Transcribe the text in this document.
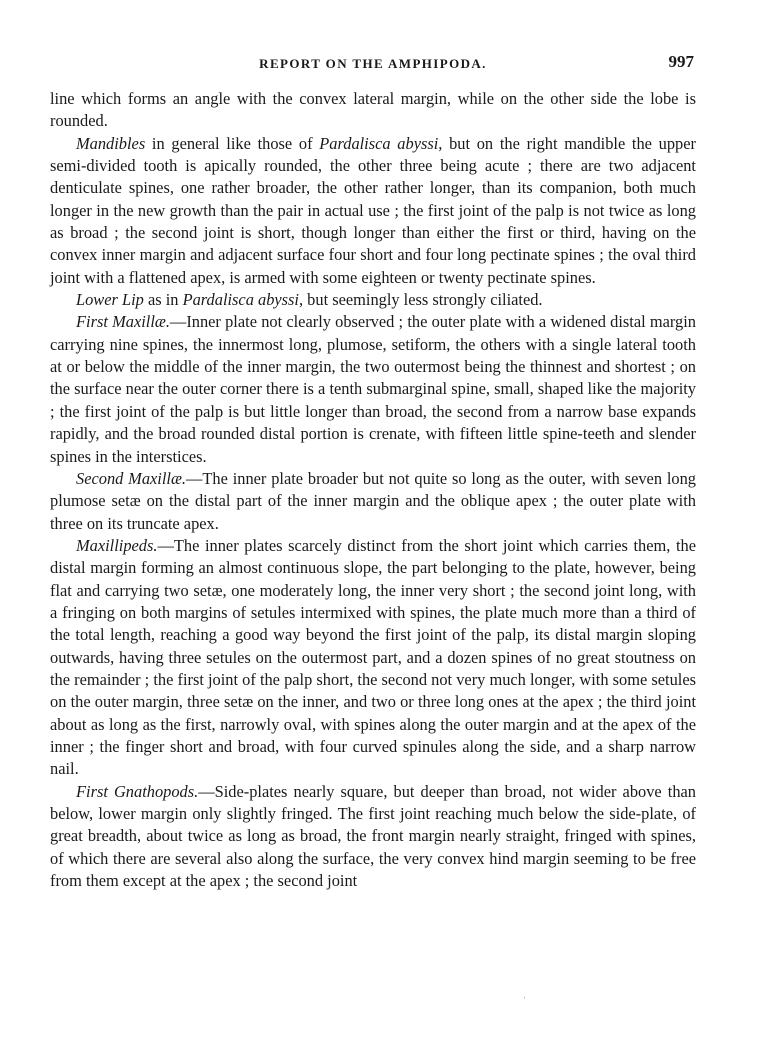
REPORT ON THE AMPHIPODA.	997

line which forms an angle with the convex lateral margin, while on the other side the lobe is rounded.

Mandibles in general like those of Pardalisca abyssi, but on the right mandible the upper semi-divided tooth is apically rounded, the other three being acute ; there are two adjacent denticulate spines, one rather broader, the other rather longer, than its companion, both much longer in the new growth than the pair in actual use ; the first joint of the palp is not twice as long as broad ; the second joint is short, though longer than either the first or third, having on the convex inner margin and adjacent surface four short and four long pectinate spines ; the oval third joint with a flattened apex, is armed with some eighteen or twenty pectinate spines.

Lower Lip as in Pardalisca abyssi, but seemingly less strongly ciliated.

First Maxillæ.—Inner plate not clearly observed ; the outer plate with a widened distal margin carrying nine spines, the innermost long, plumose, setiform, the others with a single lateral tooth at or below the middle of the inner margin, the two outermost being the thinnest and shortest ; on the surface near the outer corner there is a tenth submarginal spine, small, shaped like the majority ; the first joint of the palp is but little longer than broad, the second from a narrow base expands rapidly, and the broad rounded distal portion is crenate, with fifteen little spine-teeth and slender spines in the interstices.

Second Maxillæ.—The inner plate broader but not quite so long as the outer, with seven long plumose setæ on the distal part of the inner margin and the oblique apex ; the outer plate with three on its truncate apex.

Maxillipeds.—The inner plates scarcely distinct from the short joint which carries them, the distal margin forming an almost continuous slope, the part belonging to the plate, however, being flat and carrying two setæ, one moderately long, the inner very short ; the second joint long, with a fringing on both margins of setules intermixed with spines, the plate much more than a third of the total length, reaching a good way beyond the first joint of the palp, its distal margin sloping outwards, having three setules on the outermost part, and a dozen spines of no great stoutness on the remainder ; the first joint of the palp short, the second not very much longer, with some setules on the outer margin, three setæ on the inner, and two or three long ones at the apex ; the third joint about as long as the first, narrowly oval, with spines along the outer margin and at the apex of the inner ; the finger short and broad, with four curved spinules along the side, and a sharp narrow nail.

First Gnathopods.—Side-plates nearly square, but deeper than broad, not wider above than below, lower margin only slightly fringed. The first joint reaching much below the side-plate, of great breadth, about twice as long as broad, the front margin nearly straight, fringed with spines, of which there are several also along the surface, the very convex hind margin seeming to be free from them except at the apex ; the second joint

ˈ
